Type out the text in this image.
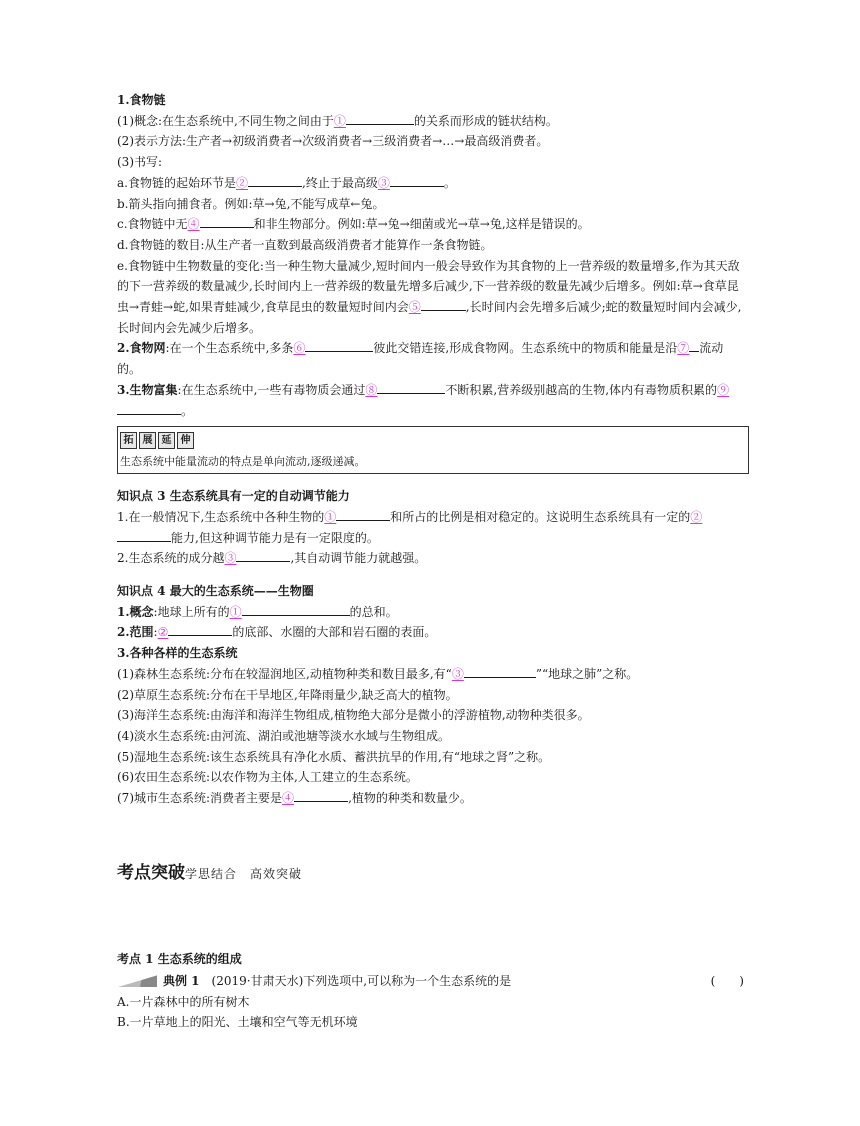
1.食物链
(1)概念:在生态系统中,不同生物之间由于①	的关系而形成的链状结构。
(2)表示方法:生产者→初级消费者→次级消费者→三级消费者→…→最高级消费者。
(3)书写:
a.食物链的起始环节是②	,终止于最高级③	。
b.箭头指向捕食者。例如:草→兔,不能写成草←兔。
c.食物链中无④	和非生物部分。例如:草→兔→细菌或光→草→兔,这样是错误的。
d.食物链的数目:从生产者一直数到最高级消费者才能算作一条食物链。
e.食物链中生物数量的变化:当一种生物大量减少,短时间内一般会导致作为其食物的上一营养级的数量增多,作为其天敌的下一营养级的数量减少,长时间内上一营养级的数量先增多后减少,下一营养级的数量先减少后增多。例如:草→食草昆虫→青蛙→蛇,如果青蛙减少,食草昆虫的数量短时间内会⑤	,长时间内会先增多后减少;蛇的数量短时间内会减少,长时间内会先减少后增多。
2.食物网:在一个生态系统中,多条⑥	彼此交错连接,形成食物网。生态系统中的物质和能量是沿⑦ 流动的。
3.生物富集:在生态系统中,一些有毒物质会通过⑧	不断积累,营养级别越高的生物,体内有毒物质积累的⑨。
拓 展 延 伸
生态系统中能量流动的特点是单向流动,逐级递减。
知识点 3 生态系统具有一定的自动调节能力
1.在一般情况下,生态系统中各种生物的①	和所占的比例是相对稳定的。这说明生态系统具有一定的②能力,但这种调节能力是有一定限度的。
2.生态系统的成分越③	,其自动调节能力就越强。
知识点 4 最大的生态系统——生物圈
1.概念:地球上所有的①	的总和。
2.范围:②	的底部、水圈的大部和岩石圈的表面。
3.各种各样的生态系统
(1)森林生态系统:分布在较湿润地区,动植物种类和数目最多,有“③	”“地球之肺”之称。
(2)草原生态系统:分布在干旱地区,年降雨量少,缺乏高大的植物。
(3)海洋生态系统:由海洋和海洋生物组成,植物绝大部分是微小的浮游植物,动物种类很多。
(4)淡水生态系统:由河流、湖泊或池塘等淡水水域与生物组成。
(5)湿地生态系统:该生态系统具有净化水质、蓄洪抗旱的作用,有“地球之肾”之称。
(6)农田生态系统:以农作物为主体,人工建立的生态系统。
(7)城市生态系统:消费者主要是④	,植物的种类和数量少。
考点突破学思结合　高效突破
考点 1 生态系统的组成
典例 1 (2019·甘肃天水) 下列选项中,可以称为一个生态系统的是	(　　)
A.一片森林中的所有树木
B.一片草地上的阳光、土壤和空气等无机环境
